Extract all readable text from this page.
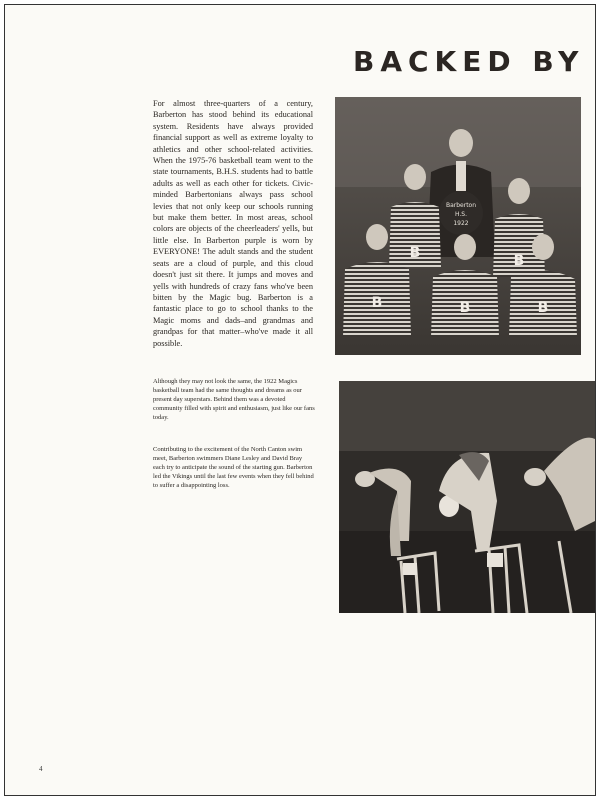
BACKED BY

For almost three-quarters of a century, Barberton has stood behind its educational system. Residents have always provided financial support as well as extreme loyalty to athletics and other school-related activities. When the 1975-76 basketball team went to the state tournaments, B.H.S. students had to battle adults as well as each other for tickets. Civic-minded Barbertonians always pass school levies that not only keep our schools running but make them better. In most areas, school colors are objects of the cheerleaders' yells, but little else. In Barberton purple is worn by EVERYONE! The adult stands and the student seats are a cloud of purple, and this cloud doesn't just sit there. It jumps and moves and yells with hundreds of crazy fans who've been bitten by the Magic bug. Barberton is a fantastic place to go to school thanks to the Magic moms and dads–and grandmas and grandpas for that matter–who've made it all possible.

Barberton
H.S.
1922
B	B
B	B	B

Although they may not look the same, the 1922 Magics basketball team had the same thoughts and dreams as our present day superstars. Behind them was a devoted community filled with spirit and enthusiasm, just like our fans today.

Contributing to the excitement of the North Canton swim meet, Barberton swimmers Diane Lesley and David Bray each try to anticipate the sound of the starting gun. Barberton led the Vikings until the last few events when they fell behind to suffer a disappointing loss.

4
